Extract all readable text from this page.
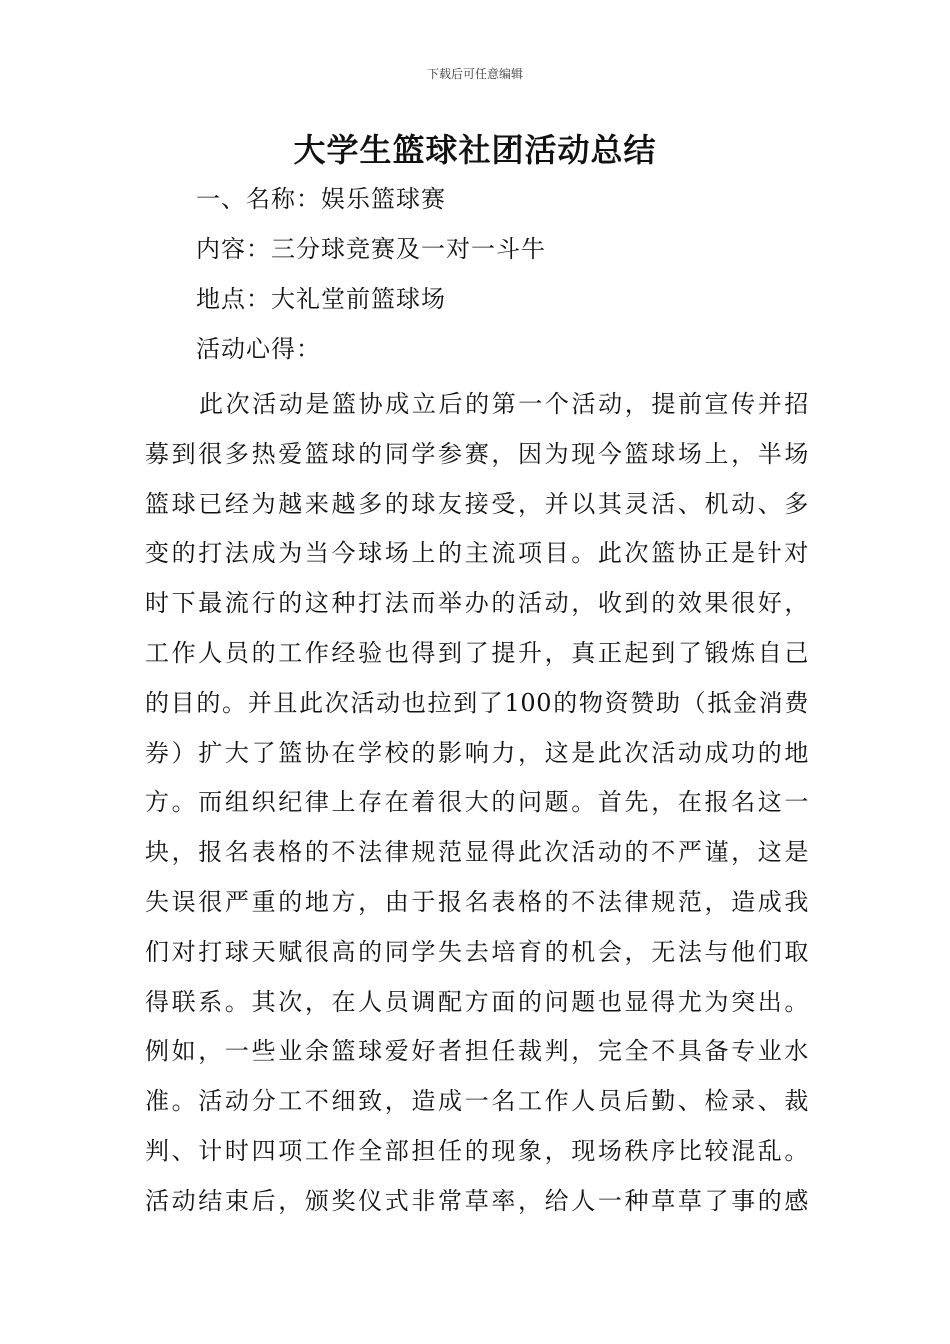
下载后可任意编辑
大学生篮球社团活动总结
一、名称：娱乐篮球赛
内容：三分球竞赛及一对一斗牛
地点：大礼堂前篮球场
活动心得：
此次活动是篮协成立后的第一个活动，提前宣传并招
募到很多热爱篮球的同学参赛，因为现今篮球场上，半场
篮球已经为越来越多的球友接受，并以其灵活、机动、多
变的打法成为当今球场上的主流项目。此次篮协正是针对
时下最流行的这种打法而举办的活动，收到的效果很好，
工作人员的工作经验也得到了提升，真正起到了锻炼自己
的目的。并且此次活动也拉到了100的物资赞助（抵金消费
券）扩大了篮协在学校的影响力，这是此次活动成功的地
方。而组织纪律上存在着很大的问题。首先，在报名这一
块，报名表格的不法律规范显得此次活动的不严谨，这是
失误很严重的地方，由于报名表格的不法律规范，造成我
们对打球天赋很高的同学失去培育的机会，无法与他们取
得联系。其次，在人员调配方面的问题也显得尤为突出。
例如，一些业余篮球爱好者担任裁判，完全不具备专业水
准。活动分工不细致，造成一名工作人员后勤、检录、裁
判、计时四项工作全部担任的现象，现场秩序比较混乱。
活动结束后，颁奖仪式非常草率，给人一种草草了事的感
